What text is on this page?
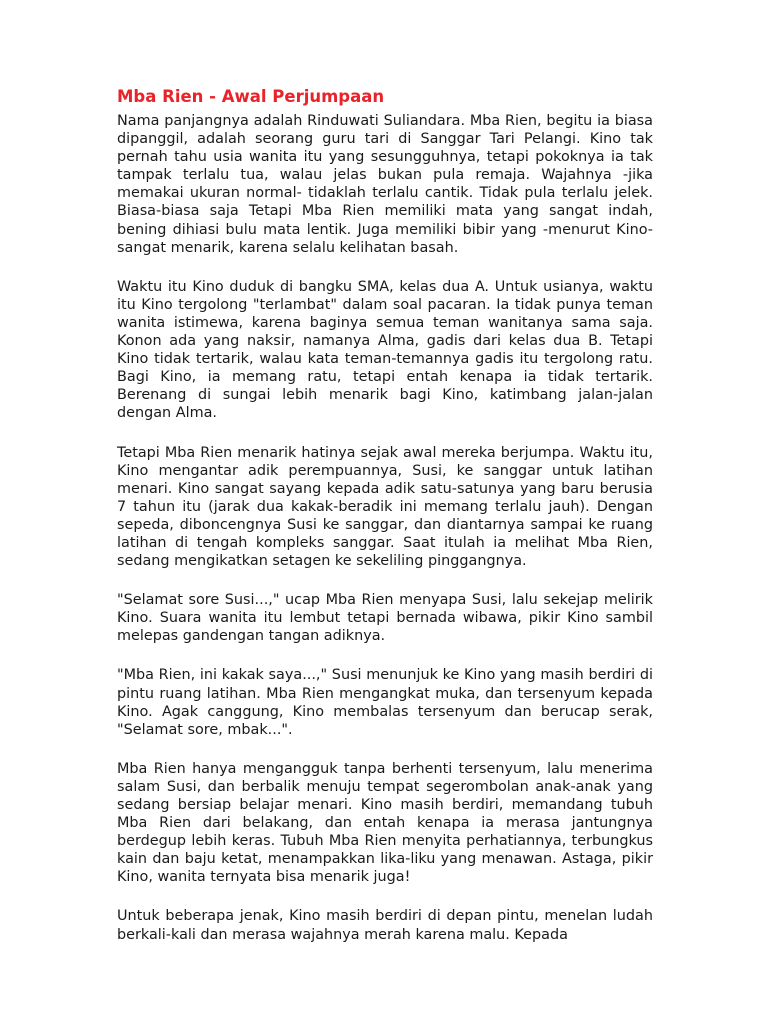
Mba Rien - Awal Perjumpaan

Nama panjangnya adalah Rinduwati Suliandara. Mba Rien, begitu ia biasa dipanggil, adalah seorang guru tari di Sanggar Tari Pelangi. Kino tak pernah tahu usia wanita itu yang sesungguhnya, tetapi pokoknya ia tak tampak terlalu tua, walau jelas bukan pula remaja. Wajahnya -jika memakai ukuran normal- tidaklah terlalu cantik. Tidak pula terlalu jelek. Biasa-biasa saja Tetapi Mba Rien memiliki mata yang sangat indah, bening dihiasi bulu mata lentik. Juga memiliki bibir yang -menurut Kino- sangat menarik, karena selalu kelihatan basah.

Waktu itu Kino duduk di bangku SMA, kelas dua A. Untuk usianya, waktu itu Kino tergolong "terlambat" dalam soal pacaran. Ia tidak punya teman wanita istimewa, karena baginya semua teman wanitanya sama saja. Konon ada yang naksir, namanya Alma, gadis dari kelas dua B. Tetapi Kino tidak tertarik, walau kata teman-temannya gadis itu tergolong ratu. Bagi Kino, ia memang ratu, tetapi entah kenapa ia tidak tertarik. Berenang di sungai lebih menarik bagi Kino, katimbang jalan-jalan dengan Alma.

Tetapi Mba Rien menarik hatinya sejak awal mereka berjumpa. Waktu itu, Kino mengantar adik perempuannya, Susi, ke sanggar untuk latihan menari. Kino sangat sayang kepada adik satu-satunya yang baru berusia 7 tahun itu (jarak dua kakak-beradik ini memang terlalu jauh). Dengan sepeda, diboncengnya Susi ke sanggar, dan diantarnya sampai ke ruang latihan di tengah kompleks sanggar. Saat itulah ia melihat Mba Rien, sedang mengikatkan setagen ke sekeliling pinggangnya.

"Selamat sore Susi...," ucap Mba Rien menyapa Susi, lalu sekejap melirik Kino. Suara wanita itu lembut tetapi bernada wibawa, pikir Kino sambil melepas gandengan tangan adiknya.

"Mba Rien, ini kakak saya...," Susi menunjuk ke Kino yang masih berdiri di pintu ruang latihan. Mba Rien mengangkat muka, dan tersenyum kepada Kino. Agak canggung, Kino membalas tersenyum dan berucap serak, "Selamat sore, mbak...".

Mba Rien hanya mengangguk tanpa berhenti tersenyum, lalu menerima salam Susi, dan berbalik menuju tempat segerombolan anak-anak yang sedang bersiap belajar menari. Kino masih berdiri, memandang tubuh Mba Rien dari belakang, dan entah kenapa ia merasa jantungnya berdegup lebih keras. Tubuh Mba Rien menyita perhatiannya, terbungkus kain dan baju ketat, menampakkan lika-liku yang menawan. Astaga, pikir Kino, wanita ternyata bisa menarik juga!

Untuk beberapa jenak, Kino masih berdiri di depan pintu, menelan ludah berkali-kali dan merasa wajahnya merah karena malu. Kepada
